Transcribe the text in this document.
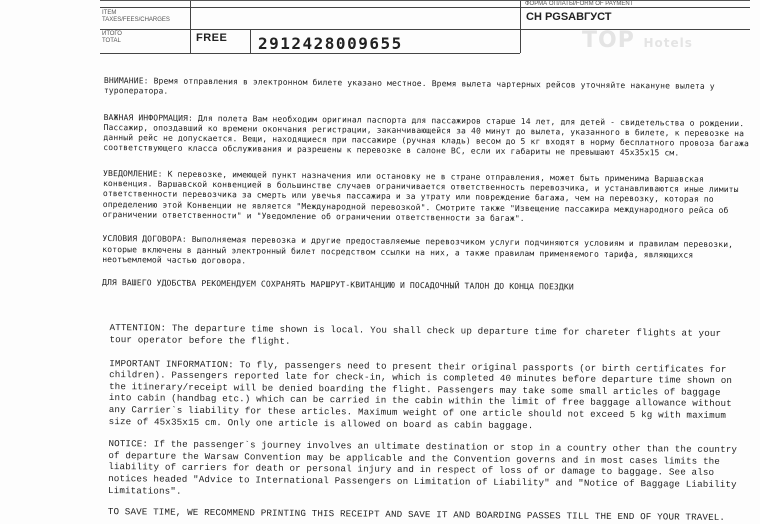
ITEM
TAXES/FEES/CHARGES
ИТОГО
TOTAL	FREE 2912428009655
ФОРМА ОПЛАТЫ/FORM OF PAYMENT
CH PGSABГУСТ
TOP Hotels

ВНИМАНИЕ: Время отправления в электронном билете указано местное. Время вылета чартерных рейсов уточняйте накануне вылета у туроператора.

ВАЖНАЯ ИНФОРМАЦИЯ: Для полета Вам необходим оригинал паспорта для пассажиров старше 14 лет, для детей - свидетельства о рождении. Пассажир, опоздавший ко времени окончания регистрации, заканчивающейся за 40 минут до вылета, указанного в билете, к перевозке на данный рейс не допускается. Вещи, находящиеся при пассажире (ручная кладь) весом до 5 кг входят в норму бесплатного провоза багажа соответствующего класса обслуживания и разрешены к перевозке в салоне ВС, если их габариты не превышают 45x35x15 см.

УВЕДОМЛЕНИЕ: К перевозке, имеющей пункт назначения или остановку не в стране отправления, может быть применима Варшавская конвенция. Варшавской конвенцией в большинстве случаев ограничивается ответственность перевозчика, и устанавливаются иные лимиты ответственности перевозчика за смерть или увечья пассажира и за утрату или повреждение багажа, чем на перевозку, которая по определению этой Конвенции не является "Международной перевозкой". Смотрите также "Извещение пассажира международного рейса об ограничении ответственности" и "Уведомление об ограничении ответственности за багаж".

УСЛОВИЯ ДОГОВОРА: Выполняемая перевозка и другие предоставляемые перевозчиком услуги подчиняются условиям и правилам перевозки, которые включены в данный электронный билет посредством ссылки на них, а также правилам применяемого тарифа, являющихся неотъемлемой частью договора.

ДЛЯ ВАШЕГО УДОБСТВА РЕКОМЕНДУЕМ СОХРАНЯТЬ МАРШРУТ-КВИТАНЦИЮ И ПОСАДОЧНЫЙ ТАЛОН ДО КОНЦА ПОЕЗДКИ

ATTENTION: The departure time shown is local. You shall check up departure time for chareter flights at your tour operator before the flight.

IMPORTANT INFORMATION: To fly, passengers need to present their original passports (or birth certificates for children). Passengers reported late for check-in, which is completed 40 minutes before departure time shown on the itinerary/receipt will be denied boarding the flight. Passengers may take some small articles of baggage into cabin (handbag etc.) which can be carried in the cabin within the limit of free baggage allowance without any Carrier`s liability for these articles. Maximum weight of one article should not exceed 5 kg with maximum size of 45x35x15 cm. Only one article is allowed on board as cabin baggage.

NOTICE: If the passenger`s journey involves an ultimate destination or stop in a country other than the country of departure the Warsaw Convention may be applicable and the Convention governs and in most cases limits the liability of carriers for death or personal injury and in respect of loss of or damage to baggage. See also notices headed "Advice to International Passengers on Limitation of Liability" and "Notice of Baggage Liability Limitations".

TO SAVE TIME, WE RECOMMEND PRINTING THIS RECEIPT AND SAVE IT AND BOARDING PASSES TILL THE END OF YOUR TRAVEL.
